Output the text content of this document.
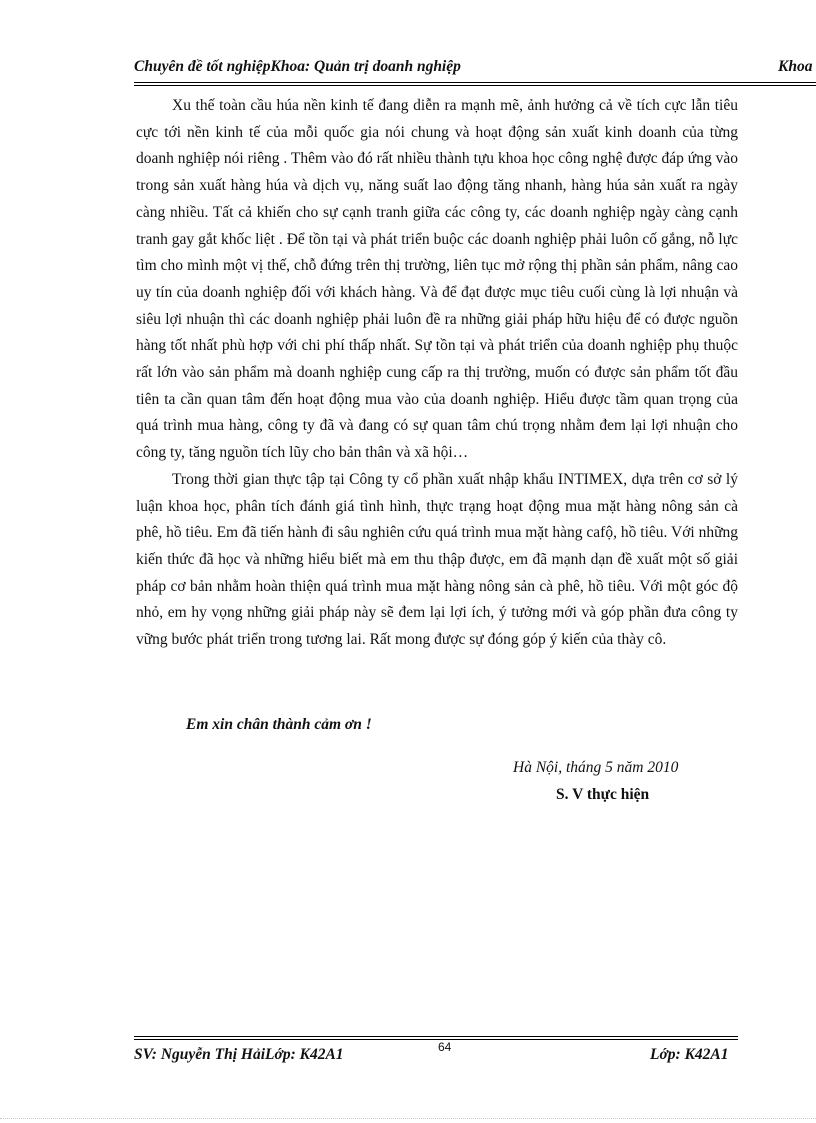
Chuyên đề tốt nghiệpKhoa: Quản trị doanh nghiệp	Khoa

Xu thế toàn cầu húa nền kinh tế đang diễn ra mạnh mẽ, ảnh hưởng cả về tích cực lẫn tiêu cực tới nền kinh tế của mỗi quốc gia nói chung và hoạt động sản xuất kinh doanh của từng doanh nghiệp nói riêng . Thêm vào đó rất nhiều thành tựu khoa học công nghệ được đáp ứng vào trong sản xuất hàng húa và dịch vụ, năng suất lao động tăng nhanh, hàng húa sản xuất ra ngày càng nhiều. Tất cả khiến cho sự cạnh tranh giữa các công ty, các doanh nghiệp ngày càng cạnh tranh gay gắt khốc liệt . Để tồn tại và phát triển buộc các doanh nghiệp phải luôn cố gắng, nỗ lực tìm cho mình một vị thế, chỗ đứng trên thị trường, liên tục mở rộng thị phần sản phẩm, nâng cao uy tín của doanh nghiệp đối với khách hàng. Và để đạt được mục tiêu cuối cùng là lợi nhuận và siêu lợi nhuận thì các doanh nghiệp phải luôn đề ra những giải pháp hữu hiệu để có được nguồn hàng tốt nhất phù hợp với chi phí thấp nhất. Sự tồn tại và phát triển của doanh nghiệp phụ thuộc rất lớn vào sản phẩm mà doanh nghiệp cung cấp ra thị trường, muốn có được sản phẩm tốt đầu tiên ta cần quan tâm đến hoạt động mua vào của doanh nghiệp. Hiểu được tầm quan trọng của quá trình mua hàng, công ty đã và đang có sự quan tâm chú trọng nhằm đem lại lợi nhuận cho công ty, tăng nguồn tích lũy cho bản thân và xã hội…

Trong thời gian thực tập tại Công ty cổ phần xuất nhập khẩu INTIMEX, dựa trên cơ sở lý luận khoa học, phân tích đánh giá tình hình, thực trạng hoạt động mua mặt hàng nông sản cà phê, hồ tiêu. Em đã tiến hành đi sâu nghiên cứu quá trình mua mặt hàng cafộ, hồ tiêu. Với những kiến thức đã học và những hiểu biết mà em thu thập được, em đã mạnh dạn đề xuất một số giải pháp cơ bản nhằm hoàn thiện quá trình mua mặt hàng nông sản cà phê, hồ tiêu. Với một góc độ nhỏ, em hy vọng những giải pháp này sẽ đem lại lợi ích, ý tưởng mới và góp phần đưa công ty vững bước phát triển trong tương lai. Rất mong được sự đóng góp ý kiến của thày cô.

Em xin chân thành cảm ơn !
Hà Nội, tháng 5 năm 2010
S. V thực hiện
SV: Nguyễn Thị HảiLớp: K42A1	64	Lớp: K42A1
